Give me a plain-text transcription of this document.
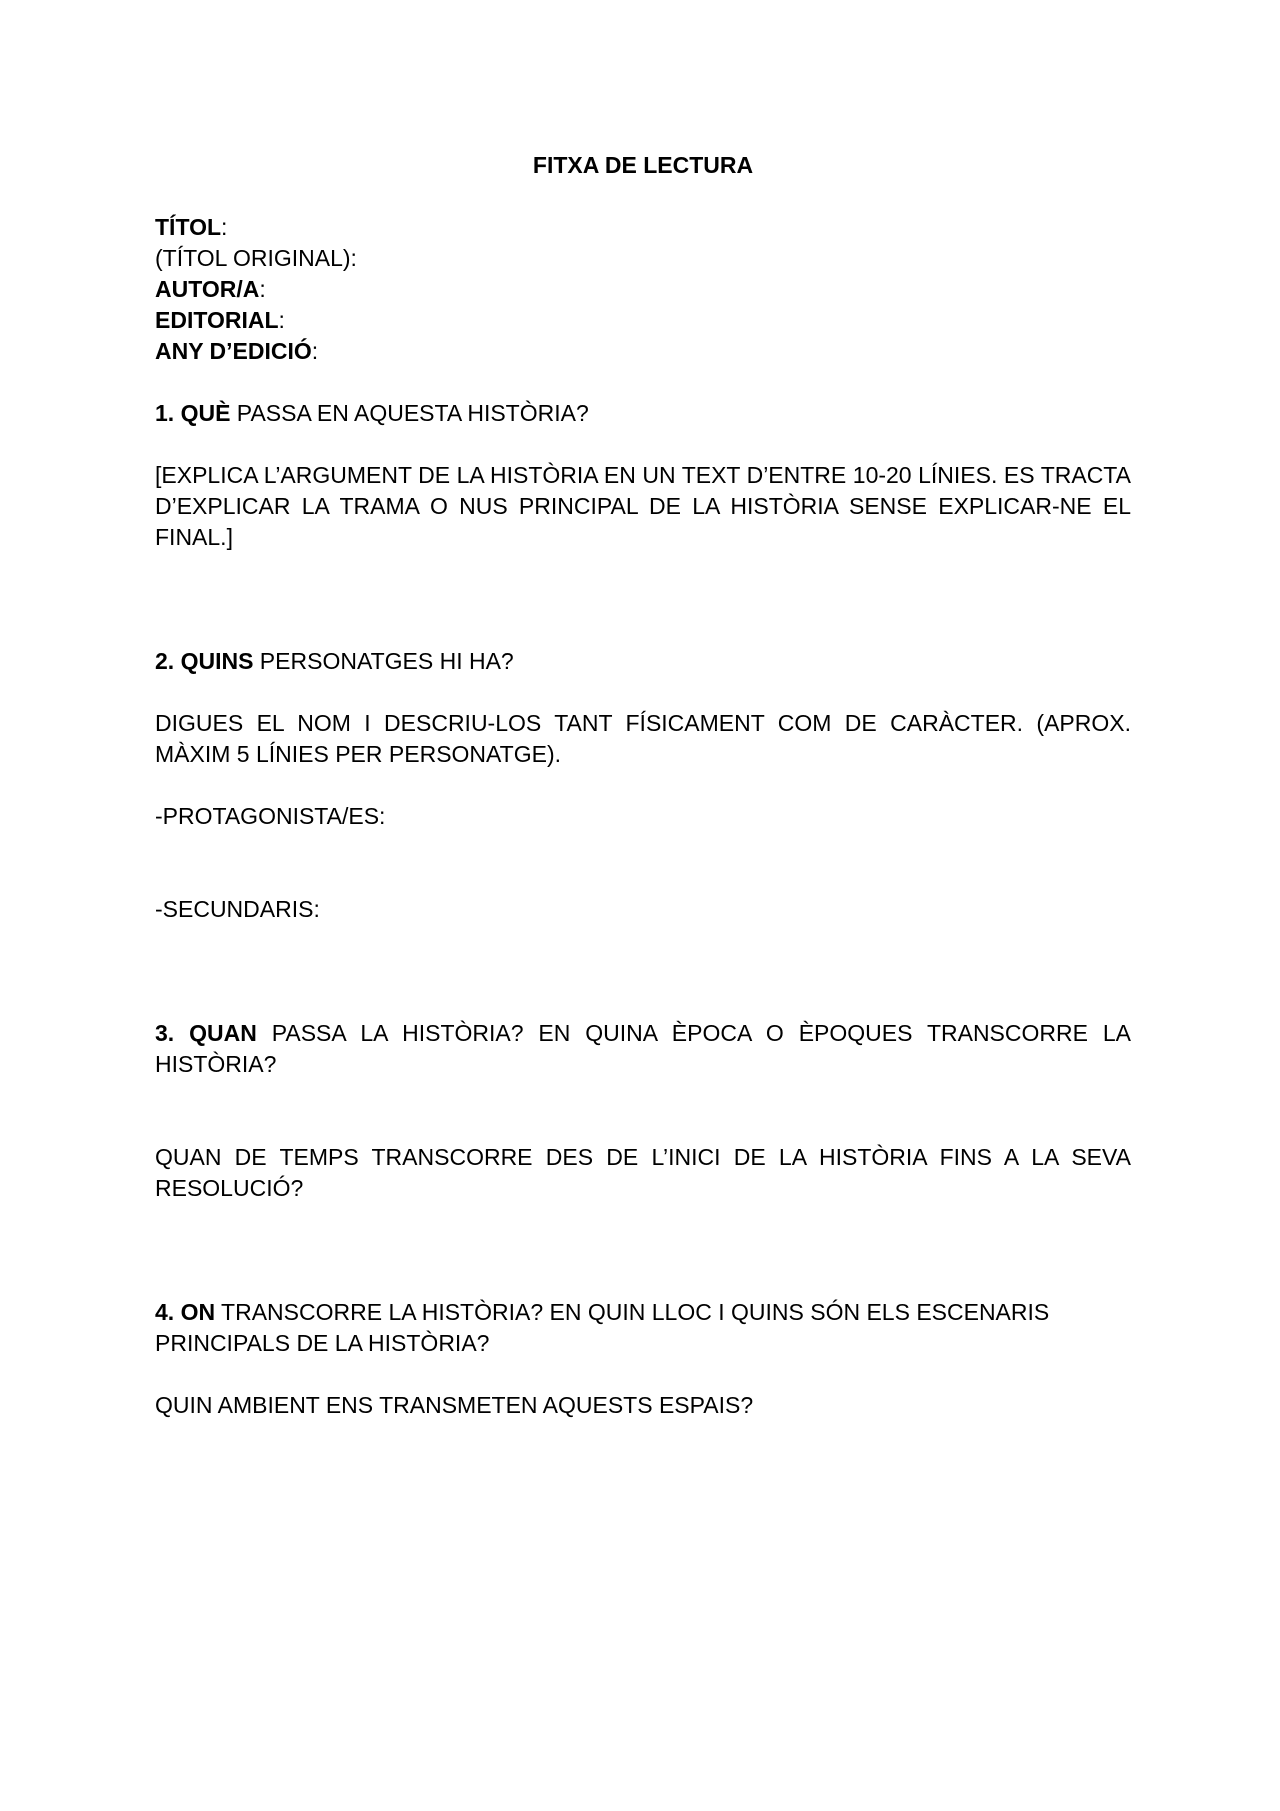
FITXA DE LECTURA

TÍTOL:

(TÍTOL ORIGINAL):

AUTOR/A:

EDITORIAL:

ANY D’EDICIÓ:

1. QUÈ PASSA EN AQUESTA HISTÒRIA?

[EXPLICA L’ARGUMENT DE LA HISTÒRIA EN UN TEXT D’ENTRE 10-20 LÍNIES. ES TRACTA D’EXPLICAR LA TRAMA O NUS PRINCIPAL DE LA HISTÒRIA SENSE EXPLICAR-NE EL FINAL.]

2. QUINS PERSONATGES HI HA?

DIGUES EL NOM I DESCRIU-LOS TANT FÍSICAMENT COM DE CARÀCTER. (APROX. MÀXIM 5 LÍNIES PER PERSONATGE).

-PROTAGONISTA/ES:

-SECUNDARIS:

3. QUAN PASSA LA HISTÒRIA? EN QUINA ÈPOCA O ÈPOQUES TRANSCORRE LA HISTÒRIA?

QUAN DE TEMPS TRANSCORRE DES DE L’INICI DE LA HISTÒRIA FINS A LA SEVA RESOLUCIÓ?

4. ON TRANSCORRE LA HISTÒRIA? EN QUIN LLOC I QUINS SÓN ELS ESCENARIS PRINCIPALS DE LA HISTÒRIA?

QUIN AMBIENT ENS TRANSMETEN AQUESTS ESPAIS?
